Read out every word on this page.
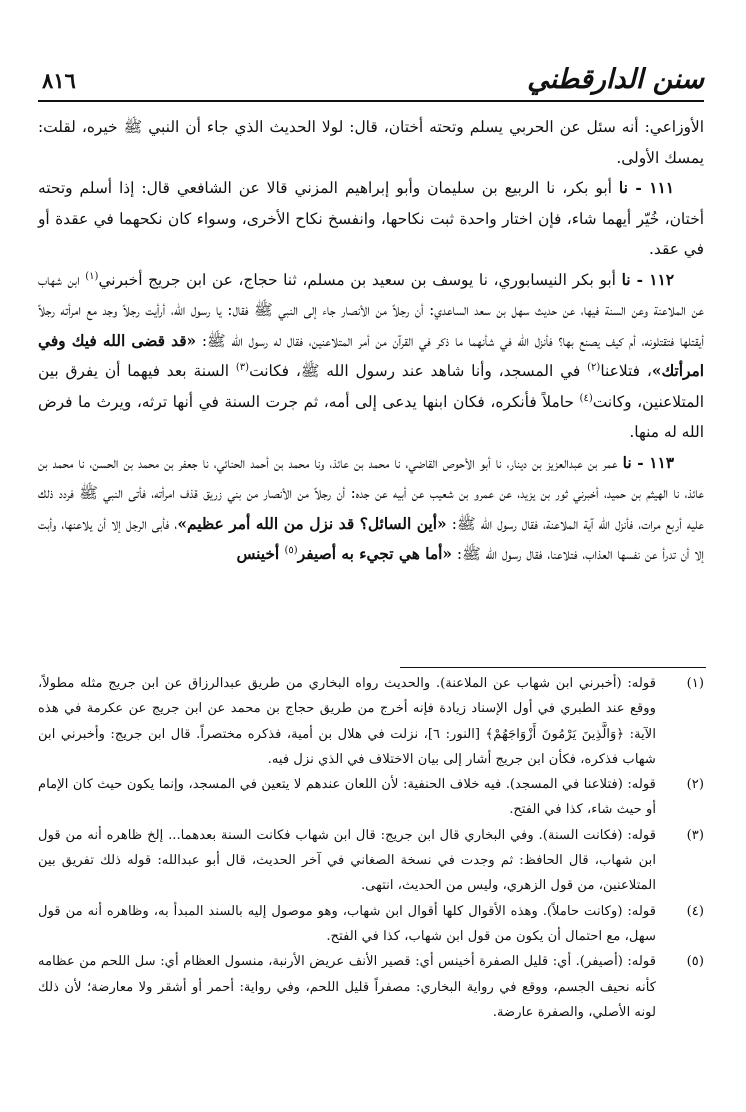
سنن الدارقطني
٨١٦

الأوزاعي: أنه سئل عن الحربي يسلم وتحته أختان، قال: لولا الحديث الذي جاء أن النبي ﷺ خيره، لقلت: يمسك الأولى.

١١١ - نا أبو بكر، نا الربيع بن سليمان وأبو إبراهيم المزني قالا عن الشافعي قال: إذا أسلم وتحته أختان، خُيّر أيهما شاء، فإن اختار واحدة ثبت نكاحها، وانفسخ نكاح الأخرى، وسواء كان نكحهما في عقدة أو في عقد.

١١٢ - نا أبو بكر النيسابوري، نا يوسف بن سعيد بن مسلم، ثنا حجاج، عن ابن جريج أخبرني$^{(١)}$ ابن شهاب عن الملاعنة وعن السنة فيها، عن حديث سهل بن سعد الساعدي: أن رجلاً من الأنصار جاء إلى النبي ﷺ فقال: يا رسول الله، أرأيت رجلاً وجد مع امرأته رجلاً أيقتلها فتقتلونه، أم كيف يصنع بها؟ فأنزل الله في شأنهما ما ذكر في القرآن من أمر المتلاعنين، فقال له رسول الله ﷺ: «قد قضى الله فيك وفي امرأتك»، فتلاعنا$^{(٢)}$ في المسجد، وأنا شاهد عند رسول الله ﷺ، فكانت$^{(٣)}$ السنة بعد فيهما أن يفرق بين المتلاعنين، وكانت$^{(٤)}$ حاملاً فأنكره، فكان ابنها يدعى إلى أمه، ثم جرت السنة في أنها ترثه، ويرث ما فرض الله له منها.

١١٣ - نا عمر بن عبدالعزيز بن دينار، نا أبو الأحوص القاضي، نا محمد بن عائذ، ونا محمد بن أحمد الحنائي، نا جعفر بن محمد بن الحسن، نا محمد بن عائذ، نا الهيثم بن حميد، أخبرني ثور بن يزيد، عن عمرو بن شعيب عن أبيه عن جده: أن رجلاً من الأنصار من بني زريق قذف امرأته، فأتى النبي ﷺ فردد ذلك عليه أربع مرات، فأنزل الله آية الملاعنة، فقال رسول الله ﷺ: «أين السائل؟ قد نزل من الله أمر عظيم»، فأبى الرجل إلا أن يلاعنها، وأبت إلا أن تدرأ عن نفسها العذاب، فتلاعنا، فقال رسول الله ﷺ: «أما هي تجيء به أصيفر$^{(٥)}$ أخينس

(١)
قوله: (أخبرني ابن شهاب عن الملاعنة). والحديث رواه البخاري من طريق عبدالرزاق عن ابن جريج مثله مطولاً، ووقع عند الطبري في أول الإسناد زيادة فإنه أخرج من طريق حجاج بن محمد عن ابن جريج عن عكرمة في هذه الآية: ﴿وَالَّذِينَ يَرْمُونَ أَزْوَاجَهُمْ﴾ [النور: ٦]، نزلت في هلال بن أمية، فذكره مختصراً. قال ابن جريج: وأخبرني ابن شهاب فذكره، فكأن ابن جريج أشار إلى بيان الاختلاف في الذي نزل فيه.
(٢)
قوله: (فتلاعنا في المسجد). فيه خلاف الحنفية: لأن اللعان عندهم لا يتعين في المسجد، وإنما يكون حيث كان الإمام أو حيث شاء، كذا في الفتح.
(٣)
قوله: (فكانت السنة). وفي البخاري قال ابن جريج: قال ابن شهاب فكانت السنة بعدهما... إلخ ظاهره أنه من قول ابن شهاب، قال الحافظ: ثم وجدت في نسخة الصغاني في آخر الحديث، قال أبو عبدالله: قوله ذلك تفريق بين المتلاعنين، من قول الزهري، وليس من الحديث، انتهى.
(٤)
قوله: (وكانت حاملاً). وهذه الأقوال كلها أقوال ابن شهاب، وهو موصول إليه بالسند المبدأ به، وظاهره أنه من قول سهل، مع احتمال أن يكون من قول ابن شهاب، كذا في الفتح.
(٥)
قوله: (أصيفر). أي: قليل الصفرة أخينس أي: قصير الأنف عريض الأرنبة، منسول العظام أي: سل اللحم من عظامه كأنه نحيف الجسم، ووقع في رواية البخاري: مصفراً قليل اللحم، وفي رواية: أحمر أو أشقر ولا معارضة؛ لأن ذلك لونه الأصلي، والصفرة عارضة.
